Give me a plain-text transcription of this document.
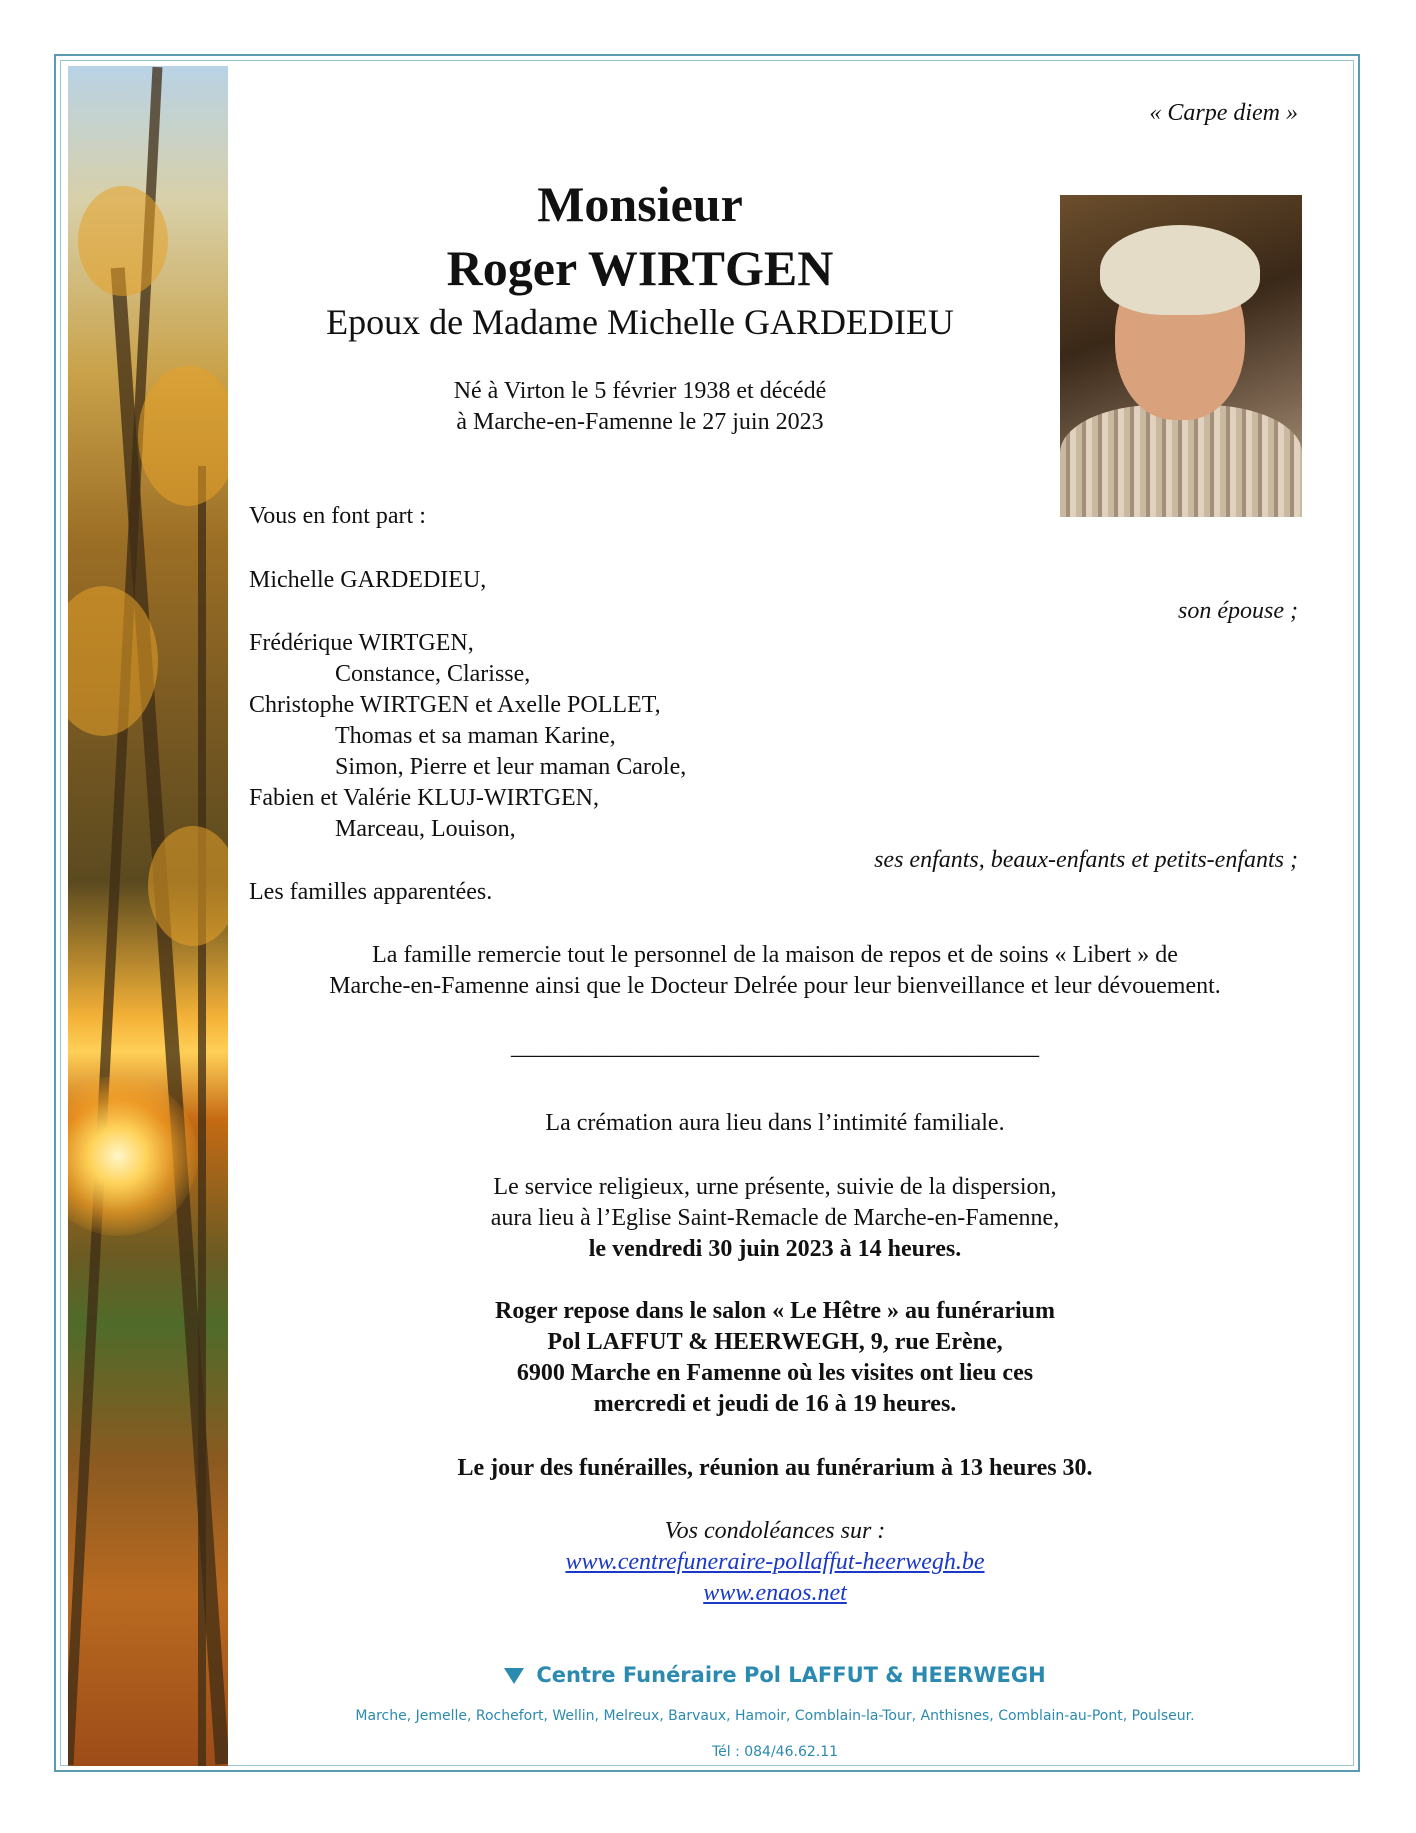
« Carpe diem »
Monsieur
Roger WIRTGEN
Epoux de Madame Michelle GARDEDIEU
Né à Virton le 5 février 1938 et décédé
à Marche-en-Famenne le 27 juin 2023
Vous en font part :
Michelle GARDEDIEU,
son épouse ;
Frédérique WIRTGEN,
Constance, Clarisse,
Christophe WIRTGEN et Axelle POLLET,
Thomas et sa maman Karine,
Simon, Pierre et leur maman Carole,
Fabien et Valérie KLUJ-WIRTGEN,
Marceau, Louison,
ses enfants, beaux-enfants et petits-enfants ;
Les familles apparentées.
La famille remercie tout le personnel de la maison de repos et de soins « Libert » de
Marche-en-Famenne ainsi que le Docteur Delrée pour leur bienveillance et leur dévouement.
____________________________________________
La crémation aura lieu dans l’intimité familiale.
Le service religieux, urne présente, suivie de la dispersion,
aura lieu à l’Eglise Saint-Remacle de Marche-en-Famenne,
le vendredi 30 juin 2023 à 14 heures.
Roger repose dans le salon « Le Hêtre » au funérarium
Pol LAFFUT & HEERWEGH, 9, rue Erène,
6900 Marche en Famenne où les visites ont lieu ces
mercredi et jeudi de 16 à 19 heures.
Le jour des funérailles, réunion au funérarium à 13 heures 30.
Vos condoléances sur :
www.centrefuneraire-pollaffut-heerwegh.be
www.enaos.net
Centre Funéraire Pol LAFFUT & HEERWEGH
Marche, Jemelle, Rochefort, Wellin, Melreux, Barvaux, Hamoir, Comblain-la-Tour, Anthisnes, Comblain-au-Pont, Poulseur.
Tél : 084/46.62.11
